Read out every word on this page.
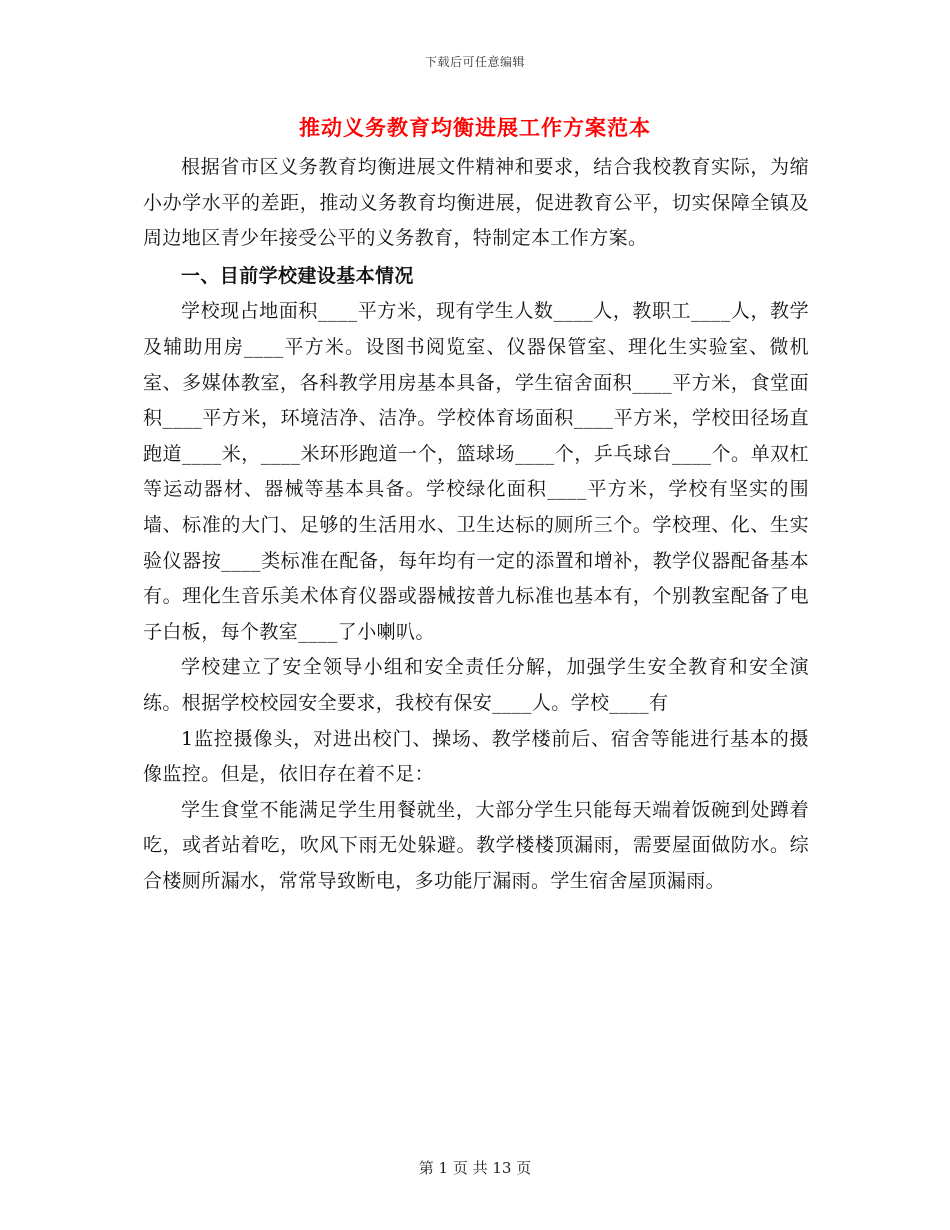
下载后可任意编辑
推动义务教育均衡进展工作方案范本

根据省市区义务教育均衡进展文件精神和要求，结合我校教育实际，为缩小办学水平的差距，推动义务教育均衡进展，促进教育公平，切实保障全镇及周边地区青少年接受公平的义务教育，特制定本工作方案。

一、目前学校建设基本情况

学校现占地面积____平方米，现有学生人数____人，教职工____人，教学及辅助用房____平方米。设图书阅览室、仪器保管室、理化生实验室、微机室、多媒体教室，各科教学用房基本具备，学生宿舍面积____平方米，食堂面积____平方米，环境洁净、洁净。学校体育场面积____平方米，学校田径场直跑道____米，____米环形跑道一个，篮球场____个，乒乓球台____个。单双杠等运动器材、器械等基本具备。学校绿化面积____平方米，学校有坚实的围墙、标准的大门、足够的生活用水、卫生达标的厕所三个。学校理、化、生实验仪器按____类标准在配备，每年均有一定的添置和增补，教学仪器配备基本有。理化生音乐美术体育仪器或器械按普九标准也基本有，个别教室配备了电子白板，每个教室____了小喇叭。

学校建立了安全领导小组和安全责任分解，加强学生安全教育和安全演练。根据学校校园安全要求，我校有保安____人。学校____有

1监控摄像头，对进出校门、操场、教学楼前后、宿舍等能进行基本的摄像监控。但是，依旧存在着不足：

学生食堂不能满足学生用餐就坐，大部分学生只能每天端着饭碗到处蹲着吃，或者站着吃，吹风下雨无处躲避。教学楼楼顶漏雨，需要屋面做防水。综合楼厕所漏水，常常导致断电，多功能厅漏雨。学生宿舍屋顶漏雨。

第 1 页 共 13 页
